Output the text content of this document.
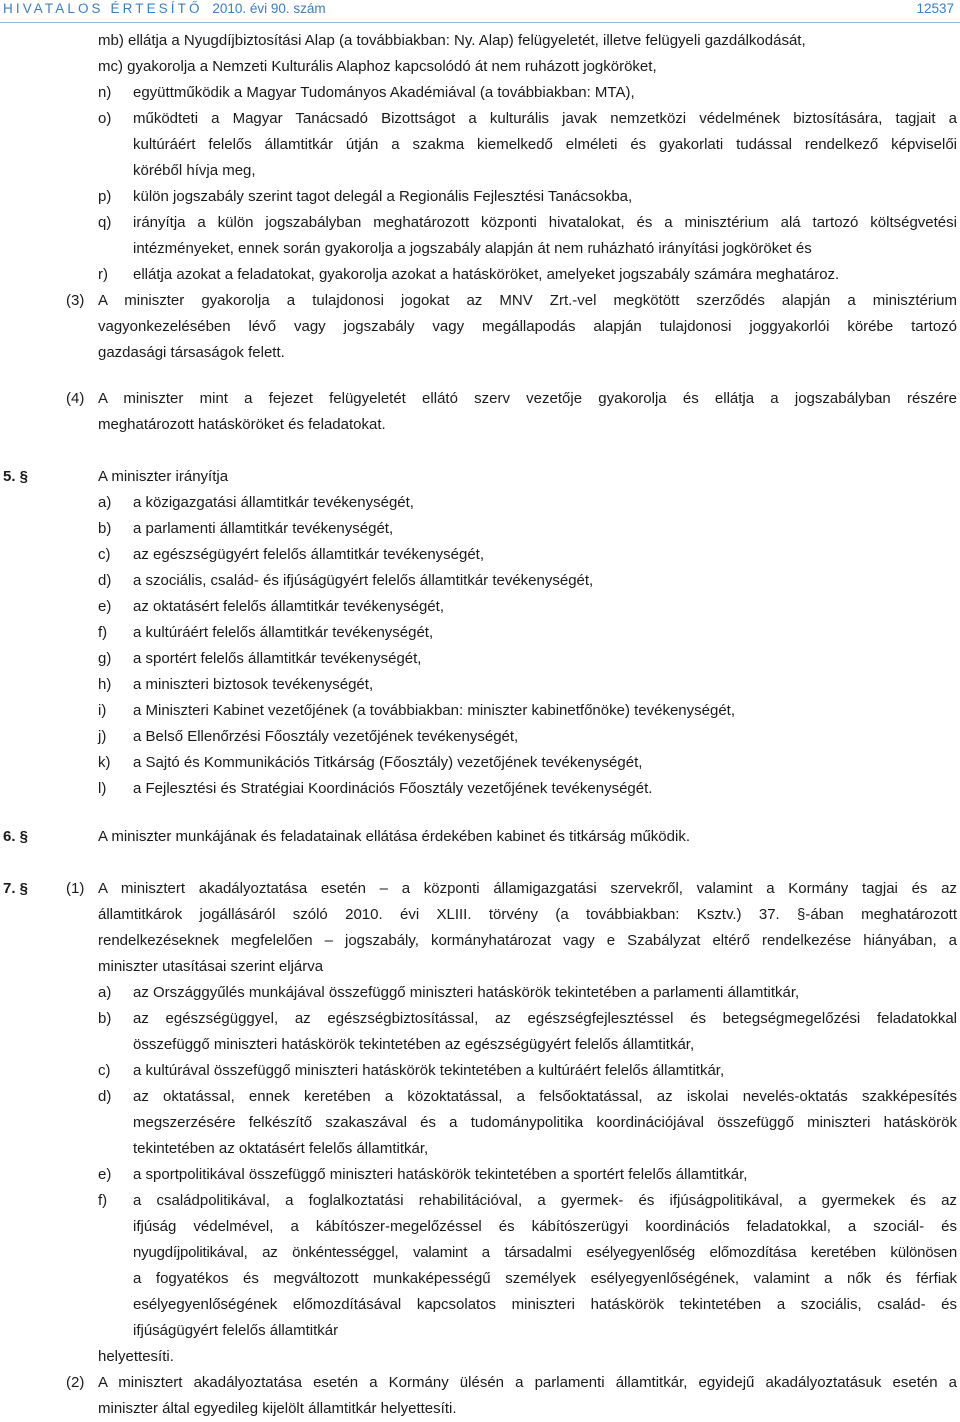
HIVATALOS ÉRTESÍTŐ 2010. évi 90. szám	12537
mb) ellátja a Nyugdíjbiztosítási Alap (a továbbiakban: Ny. Alap) felügyeletét, illetve felügyeli gazdálkodását,
mc) gyakorolja a Nemzeti Kulturális Alaphoz kapcsolódó át nem ruházott jogköröket,
n) együttműködik a Magyar Tudományos Akadémiával (a továbbiakban: MTA),
o) működteti a Magyar Tanácsadó Bizottságot a kulturális javak nemzetközi védelmének biztosítására, tagjait a
kultúráért felelős államtitkár útján a szakma kiemelkedő elméleti és gyakorlati tudással rendelkező képviselői
köréből hívja meg,
p) külön jogszabály szerint tagot delegál a Regionális Fejlesztési Tanácsokba,
q) irányítja a külön jogszabályban meghatározott központi hivatalokat, és a minisztérium alá tartozó költségvetési
intézményeket, ennek során gyakorolja a jogszabály alapján át nem ruházható irányítási jogköröket és
r) ellátja azokat a feladatokat, gyakorolja azokat a hatásköröket, amelyeket jogszabály számára meghatároz.
(3) A miniszter gyakorolja a tulajdonosi jogokat az MNV Zrt.-vel megkötött szerződés alapján a minisztérium
vagyonkezelésében lévő vagy jogszabály vagy megállapodás alapján tulajdonosi joggyakorlói körébe tartozó
gazdasági társaságok felett.
(4) A miniszter mint a fejezet felügyeletét ellátó szerv vezetője gyakorolja és ellátja a jogszabályban részére
meghatározott hatásköröket és feladatokat.
5. §	A miniszter irányítja
a) a közigazgatási államtitkár tevékenységét,
b) a parlamenti államtitkár tevékenységét,
c) az egészségügyért felelős államtitkár tevékenységét,
d) a szociális, család- és ifjúságügyért felelős államtitkár tevékenységét,
e) az oktatásért felelős államtitkár tevékenységét,
f) a kultúráért felelős államtitkár tevékenységét,
g) a sportért felelős államtitkár tevékenységét,
h) a miniszteri biztosok tevékenységét,
i) a Miniszteri Kabinet vezetőjének (a továbbiakban: miniszter kabinetfőnöke) tevékenységét,
j) a Belső Ellenőrzési Főosztály vezetőjének tevékenységét,
k) a Sajtó és Kommunikációs Titkárság (Főosztály) vezetőjének tevékenységét,
l) a Fejlesztési és Stratégiai Koordinációs Főosztály vezetőjének tevékenységét.
6. §	A miniszter munkájának és feladatainak ellátása érdekében kabinet és titkárság működik.
7. §	(1) A minisztert akadályoztatása esetén – a központi államigazgatási szervekről, valamint a Kormány tagjai és az
államtitkárok jogállásáról szóló 2010. évi XLIII. törvény (a továbbiakban: Ksztv.) 37. §-ában meghatározott
rendelkezéseknek megfelelően – jogszabály, kormányhatározat vagy e Szabályzat eltérő rendelkezése hiányában, a
miniszter utasításai szerint eljárva
a) az Országgyűlés munkájával összefüggő miniszteri hatáskörök tekintetében a parlamenti államtitkár,
b) az egészségüggyel, az egészségbiztosítással, az egészségfejlesztéssel és betegségmegelőzési feladatokkal
összefüggő miniszteri hatáskörök tekintetében az egészségügyért felelős államtitkár,
c) a kultúrával összefüggő miniszteri hatáskörök tekintetében a kultúráért felelős államtitkár,
d) az oktatással, ennek keretében a közoktatással, a felsőoktatással, az iskolai nevelés-oktatás szakképesítés
megszerzésére felkészítő szakaszával és a tudománypolitika koordinációjával összefüggő miniszteri hatáskörök
tekintetében az oktatásért felelős államtitkár,
e) a sportpolitikával összefüggő miniszteri hatáskörök tekintetében a sportért felelős államtitkár,
f) a családpolitikával, a foglalkoztatási rehabilitációval, a gyermek- és ifjúságpolitikával, a gyermekek és az
ifjúság védelmével, a kábítószer-megelőzéssel és kábítószerügyi koordinációs feladatokkal, a szociál- és
nyugdíjpolitikával, az önkéntességgel, valamint a társadalmi esélyegyenlőség előmozdítása keretében különösen
a fogyatékos és megváltozott munkaképességű személyek esélyegyenlőségének, valamint a nők és férfiak
esélyegyenlőségének előmozdításával kapcsolatos miniszteri hatáskörök tekintetében a szociális, család- és
ifjúságügyért felelős államtitkár
helyettesíti.
(2) A minisztert akadályoztatása esetén a Kormány ülésén a parlamenti államtitkár, egyidejű akadályoztatásuk esetén a
miniszter által egyedileg kijelölt államtitkár helyettesíti.
